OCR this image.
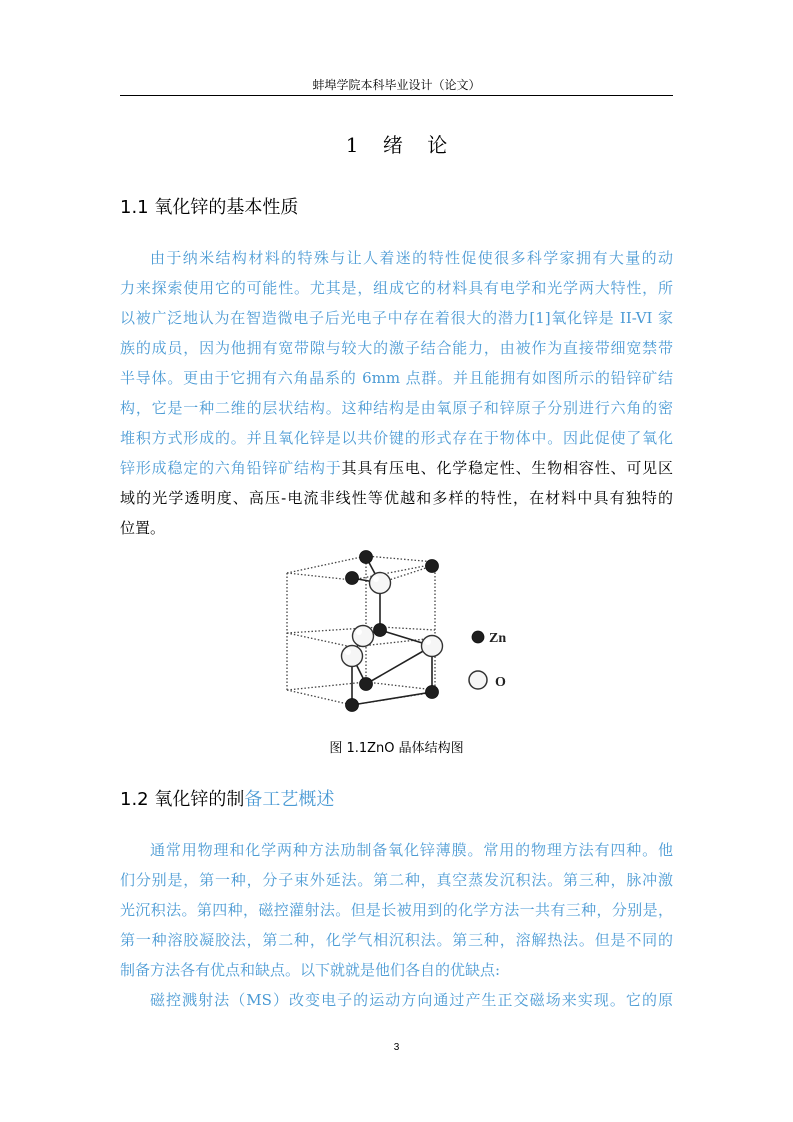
蚌埠学院本科毕业设计（论文）
1 绪 论
1.1 氧化锌的基本性质
由于纳米结构材料的特殊与让人着迷的特性促使很多科学家拥有大量的动
力来探索使用它的可能性。尤其是，组成它的材料具有电学和光学两大特性，所
以被广泛地认为在智造微电子后光电子中存在着很大的潜力[1]氧化锌是 II-VI 家
族的成员，因为他拥有宽带隙与较大的激子结合能力，由被作为直接带细宽禁带
半导体。更由于它拥有六角晶系的 6mm 点群。并且能拥有如图所示的铅锌矿结
构，它是一种二维的层状结构。这种结构是由氧原子和锌原子分别进行六角的密
堆积方式形成的。并且氧化锌是以共价键的形式存在于物体中。因此促使了氧化
锌形成稳定的六角铅锌矿结构于其具有压电、化学稳定性、生物相容性、可见区
域的光学透明度、高压-电流非线性等优越和多样的特性，在材料中具有独特的
位置。
Zn
O
图 1.1ZnO 晶体结构图
1.2 氧化锌的制备工艺概述
通常用物理和化学两种方法劢制备氧化锌薄膜。常用的物理方法有四种。他
们分别是，第一种，分子束外延法。第二种，真空蒸发沉积法。第三种，脉冲激
光沉积法。第四种，磁控灌射法。但是长被用到的化学方法一共有三种，分别是，
第一种溶胶凝胶法，第二种，化学气相沉积法。第三种，溶解热法。但是不同的
制备方法各有优点和缺点。以下就就是他们各自的优缺点:
磁控溅射法（MS）改变电子的运动方向通过产生正交磁场来实现。它的原
3
